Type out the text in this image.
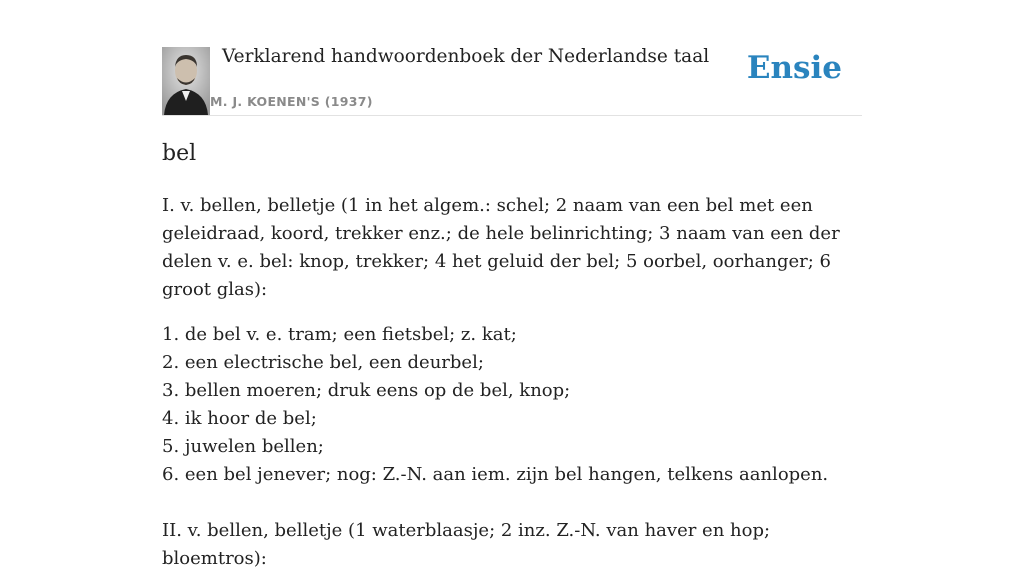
Verklarend handwoordenboek der Nederlandse taal
M. J. KOENEN'S (1937)
Ensie
bel

I. v. bellen, belletje (1 in het algem.: schel; 2 naam van een bel met een geleidraad, koord, trekker enz.; de hele belinrichting; 3 naam van een der delen v. e. bel: knop, trekker; 4 het geluid der bel; 5 oorbel, oorhanger; 6 groot glas):

1. de bel v. e. tram; een fietsbel; z. kat;
2. een electrische bel, een deurbel;
3. bellen moeren; druk eens op de bel, knop;
4. ik hoor de bel;
5. juwelen bellen;
6. een bel jenever; nog: Z.-N. aan iem. zijn bel hangen, telkens aanlopen.

II. v. bellen, belletje (1 waterblaasje; 2 inz. Z.-N. van haver en hop; bloemtros):
